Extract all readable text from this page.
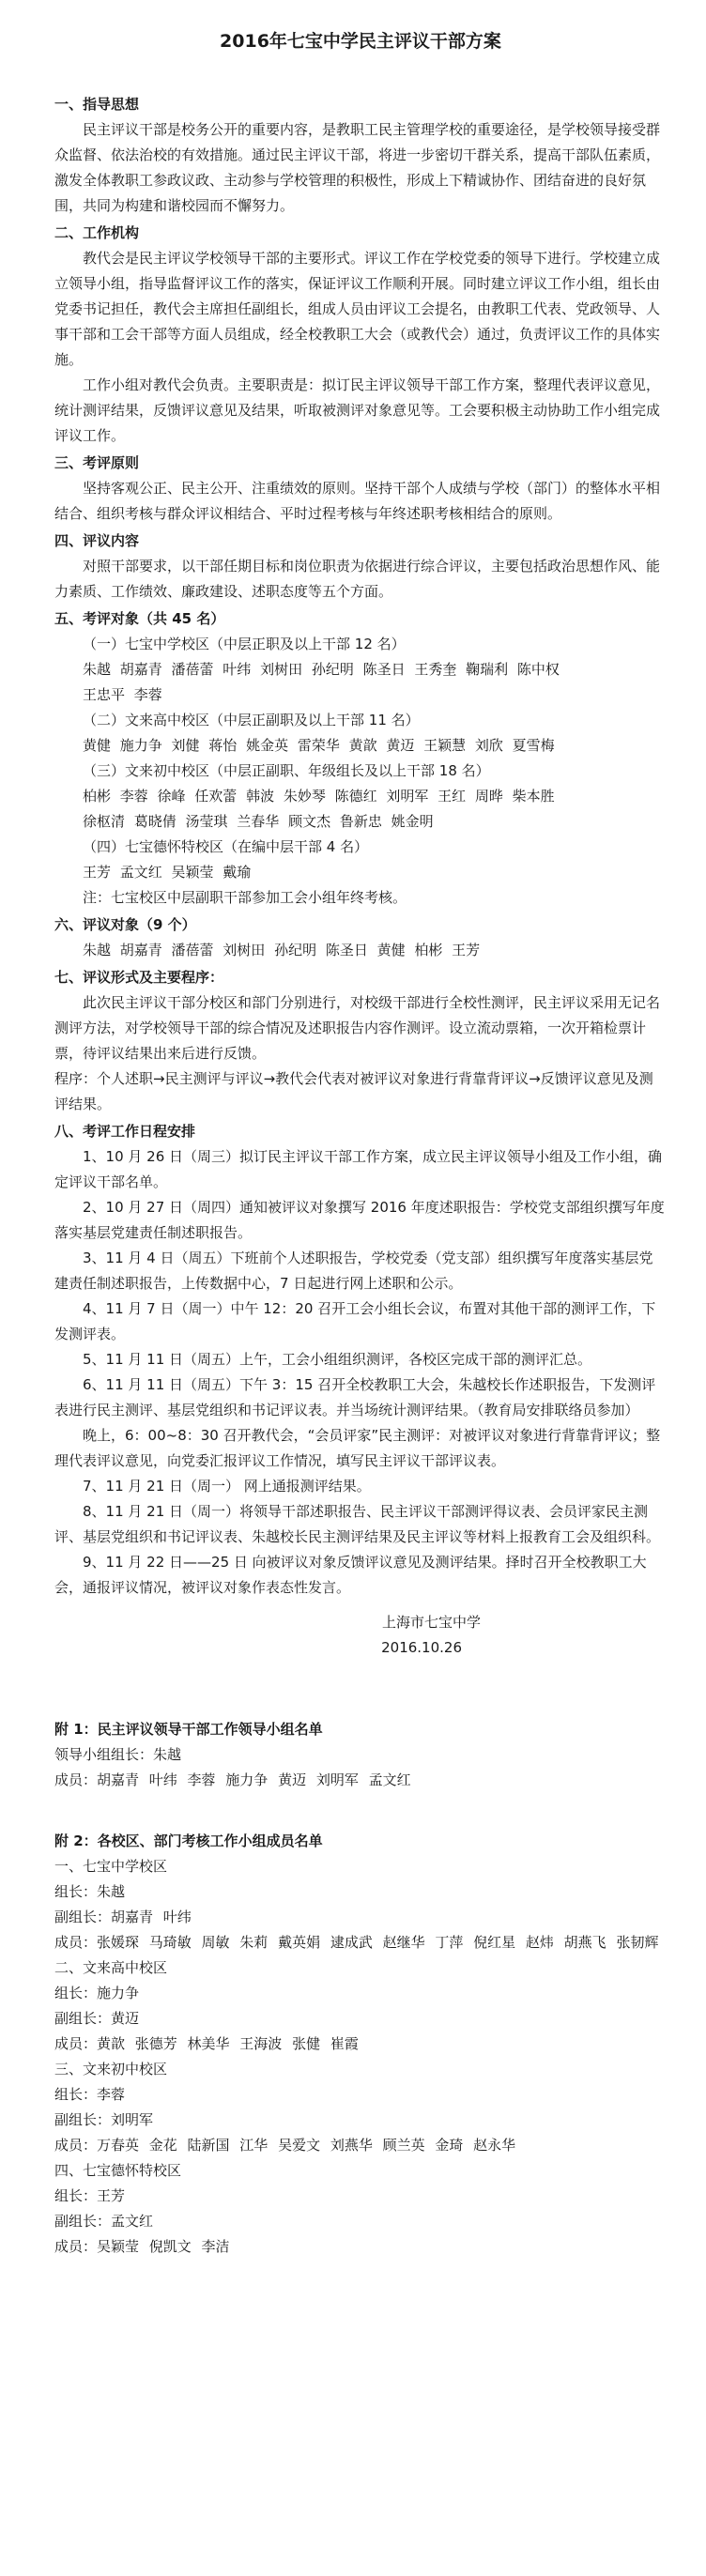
2016年七宝中学民主评议干部方案
一、指导思想

民主评议干部是校务公开的重要内容，是教职工民主管理学校的重要途径，是学校领导接受群众监督、依法治校的有效措施。通过民主评议干部，将进一步密切干群关系，提高干部队伍素质，激发全体教职工参政议政、主动参与学校管理的积极性，形成上下精诚协作、团结奋进的良好氛围，共同为构建和谐校园而不懈努力。

二、工作机构

教代会是民主评议学校领导干部的主要形式。评议工作在学校党委的领导下进行。学校建立成立领导小组，指导监督评议工作的落实，保证评议工作顺利开展。同时建立评议工作小组，组长由党委书记担任，教代会主席担任副组长，组成人员由评议工会提名，由教职工代表、党政领导、人事干部和工会干部等方面人员组成，经全校教职工大会（或教代会）通过，负责评议工作的具体实施。

工作小组对教代会负责。主要职责是：拟订民主评议领导干部工作方案，整理代表评议意见，统计测评结果，反馈评议意见及结果，听取被测评对象意见等。工会要积极主动协助工作小组完成评议工作。

三、考评原则

坚持客观公正、民主公开、注重绩效的原则。坚持干部个人成绩与学校（部门）的整体水平相结合、组织考核与群众评议相结合、平时过程考核与年终述职考核相结合的原则。

四、评议内容

对照干部要求，以干部任期目标和岗位职责为依据进行综合评议，主要包括政治思想作风、能力素质、工作绩效、廉政建设、述职态度等五个方面。

五、考评对象（共 45 名）

（一）七宝中学校区（中层正职及以上干部 12 名）

朱越 胡嘉青 潘蓓蕾 叶纬 刘树田 孙纪明 陈圣日 王秀奎 鞠瑞利 陈中权

王忠平 李蓉

（二）文来高中校区（中层正副职及以上干部 11 名）

黄健 施力争 刘健 蒋怡 姚金英 雷荣华 黄歆 黄迈 王颖慧 刘欣 夏雪梅

（三）文来初中校区（中层正副职、年级组长及以上干部 18 名）

柏彬 李蓉 徐峰 任欢蕾 韩波 朱妙琴 陈德红 刘明军 王红 周晔 柴本胜

徐枢清 葛晓倩 汤莹琪 兰春华 顾文杰 鲁新忠 姚金明

（四）七宝德怀特校区（在编中层干部 4 名）

王芳 孟文红 吴颖莹 戴瑜

注：七宝校区中层副职干部参加工会小组年终考核。

六、评议对象（9 个）

朱越 胡嘉青 潘蓓蕾 刘树田 孙纪明 陈圣日 黄健 柏彬 王芳

七、评议形式及主要程序：

此次民主评议干部分校区和部门分别进行，对校级干部进行全校性测评，民主评议采用无记名测评方法，对学校领导干部的综合情况及述职报告内容作测评。设立流动票箱，一次开箱检票计票，待评议结果出来后进行反馈。

程序：个人述职→民主测评与评议→教代会代表对被评议对象进行背靠背评议→反馈评议意见及测评结果。

八、考评工作日程安排

1、10 月 26 日（周三）拟订民主评议干部工作方案，成立民主评议领导小组及工作小组，确定评议干部名单。

2、10 月 27 日（周四）通知被评议对象撰写 2016 年度述职报告：学校党支部组织撰写年度落实基层党建责任制述职报告。

3、11 月 4 日（周五）下班前个人述职报告，学校党委（党支部）组织撰写年度落实基层党建责任制述职报告，上传数据中心，7 日起进行网上述职和公示。

4、11 月 7 日（周一）中午 12：20 召开工会小组长会议，布置对其他干部的测评工作，下发测评表。

5、11 月 11 日（周五）上午，工会小组组织测评，各校区完成干部的测评汇总。

6、11 月 11 日（周五）下午 3：15 召开全校教职工大会，朱越校长作述职报告，下发测评表进行民主测评、基层党组织和书记评议表。并当场统计测评结果。（教育局安排联络员参加）

晚上，6：00~8：30 召开教代会，“会员评家”民主测评：对被评议对象进行背靠背评议；整理代表评议意见，向党委汇报评议工作情况，填写民主评议干部评议表。

7、11 月 21 日（周一） 网上通报测评结果。

8、11 月 21 日（周一）将领导干部述职报告、民主评议干部测评得议表、会员评家民主测评、基层党组织和书记评议表、朱越校长民主测评结果及民主评议等材料上报教育工会及组织科。

9、11 月 22 日——25 日 向被评议对象反馈评议意见及测评结果。择时召开全校教职工大会，通报评议情况，被评议对象作表态性发言。

上海市七宝中学

2016.10.26

附 1：民主评议领导干部工作领导小组名单

领导小组组长：朱越

成员：胡嘉青 叶纬 李蓉 施力争 黄迈 刘明军 孟文红

附 2：各校区、部门考核工作小组成员名单

一、七宝中学校区

组长：朱越

副组长：胡嘉青 叶纬

成员：张媛琛 马琦敏 周敏 朱莉 戴英娟 逮成武 赵继华 丁萍 倪红星 赵炜 胡燕飞 张韧辉

二、文来高中校区

组长：施力争

副组长：黄迈

成员：黄歆 张德芳 林美华 王海波 张健 崔霞

三、文来初中校区

组长：李蓉

副组长：刘明军

成员：万春英 金花 陆新国 江华 吴爱文 刘燕华 顾兰英 金琦 赵永华

四、七宝德怀特校区

组长：王芳

副组长：孟文红

成员：吴颖莹 倪凯文 李洁
